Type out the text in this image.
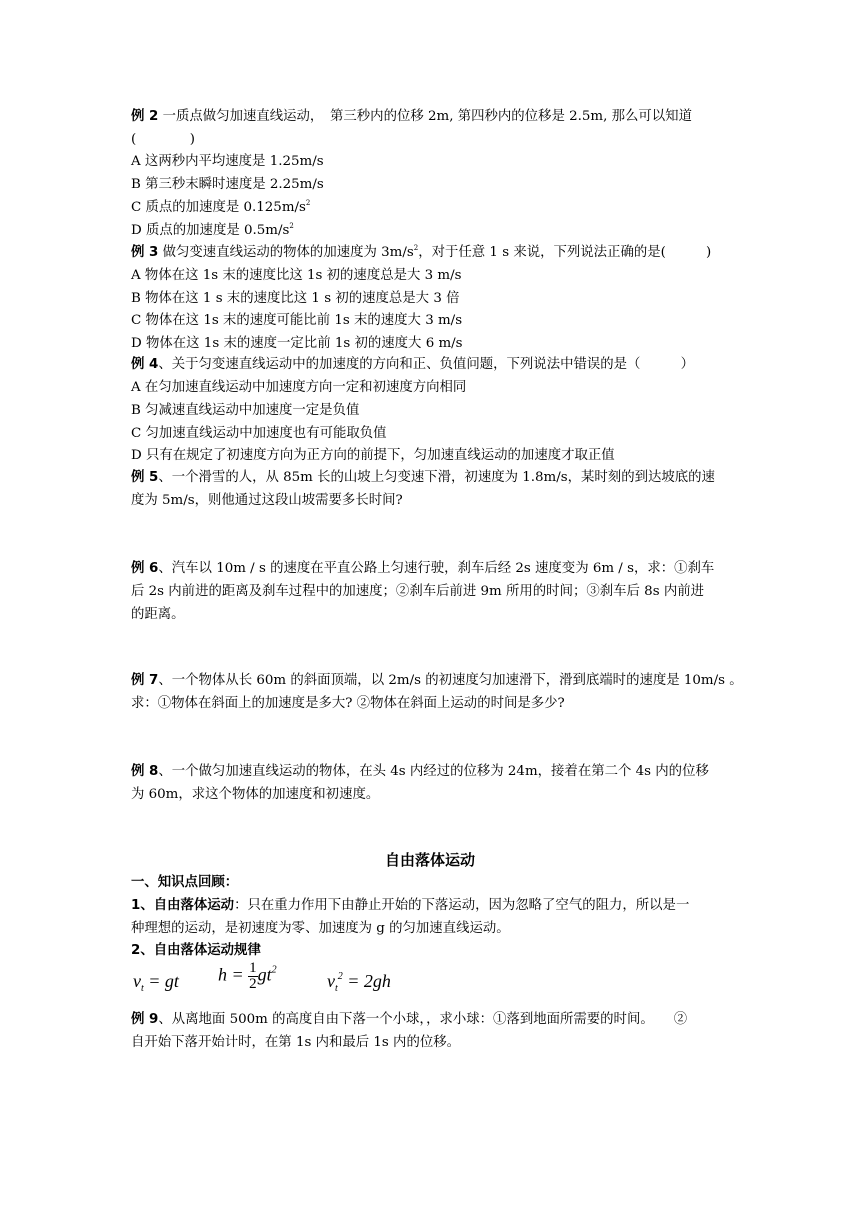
例 2 一质点做匀加速直线运动，　第三秒内的位移 2m, 第四秒内的位移是 2.5m, 那么可以知道
(　　　　)
A 这两秒内平均速度是 1.25m/s
B 第三秒末瞬时速度是 2.25m/s
C 质点的加速度是 $0.125m/s^2$
D 质点的加速度是 $0.5m/s^2$
例 3 做匀变速直线运动的物体的加速度为 $3m/s^2$，对于任意 1 s 来说，下列说法正确的是(　　　)
A 物体在这 1s 末的速度比这 1s 初的速度总是大 3 m/s
B 物体在这 1 s 末的速度比这 1 s 初的速度总是大 3 倍
C 物体在这 1s 末的速度可能比前 1s 末的速度大 3 m/s
D 物体在这 1s 末的速度一定比前 1s 初的速度大 6 m/s
例 4、关于匀变速直线运动中的加速度的方向和正、负值问题，下列说法中错误的是（　　　）
A 在匀加速直线运动中加速度方向一定和初速度方向相同
B 匀减速直线运动中加速度一定是负值
C 匀加速直线运动中加速度也有可能取负值
D 只有在规定了初速度方向为正方向的前提下，匀加速直线运动的加速度才取正值
例 5、一个滑雪的人，从 85m 长的山坡上匀变速下滑，初速度为 1.8m/s，某时刻的到达坡底的速
度为 5m/s，则他通过这段山坡需要多长时间?
例 6、汽车以 10m / s 的速度在平直公路上匀速行驶，刹车后经 2s 速度变为 6m / s，求：①刹车
后 2s 内前进的距离及刹车过程中的加速度；②刹车后前进 9m 所用的时间；③刹车后 8s 内前进
的距离。
例 7、一个物体从长 60m 的斜面顶端，以 2m/s 的初速度匀加速滑下，滑到底端时的速度是 10m/s 。
求：①物体在斜面上的加速度是多大? ②物体在斜面上运动的时间是多少?
例 8、一个做匀加速直线运动的物体，在头 4s 内经过的位移为 24m，接着在第二个 4s 内的位移
为 60m，求这个物体的加速度和初速度。
自由落体运动
一、知识点回顾：
1、自由落体运动：只在重力作用下由静止开始的下落运动，因为忽略了空气的阻力，所以是一
种理想的运动，是初速度为零、加速度为 g 的匀加速直线运动。
2、自由落体运动规律
$v_t$ = gt $h = \frac{1}{2} gt^2$
$v_t^2 = 2gh$
例 9、从离地面 500m 的高度自由下落一个小球，，求小球：①落到地面所需要的时间。　　②
自开始下落开始计时，在第 1s 内和最后 1s 内的位移。
